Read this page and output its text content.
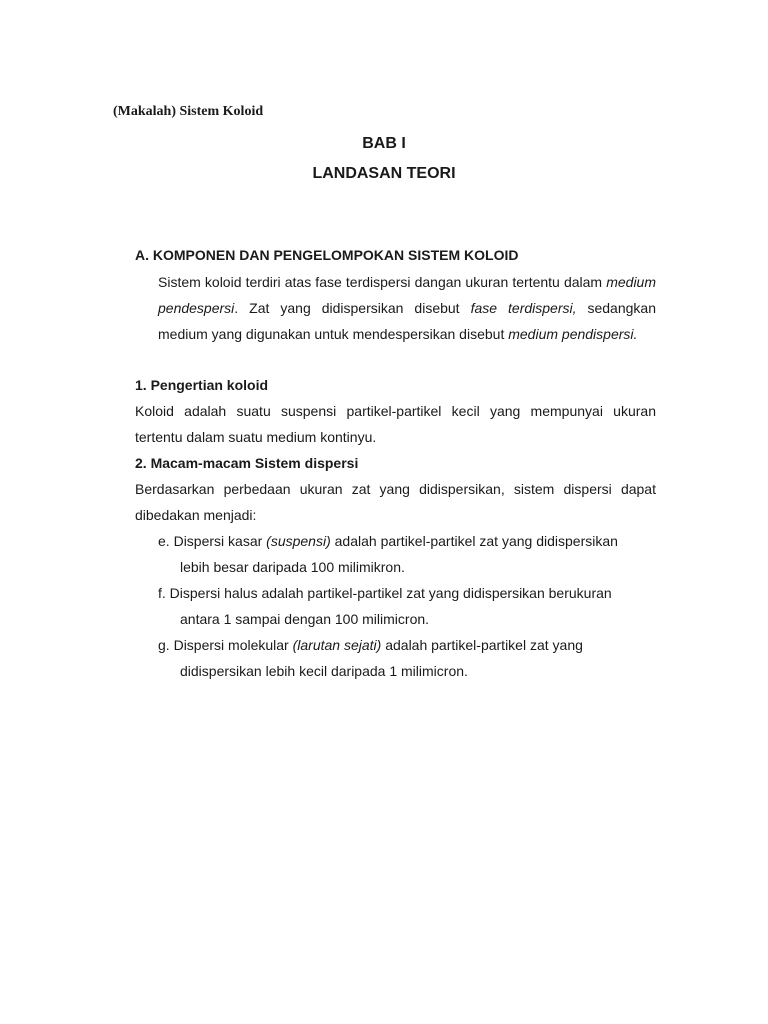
(Makalah) Sistem Koloid
BAB I
LANDASAN TEORI
A. KOMPONEN DAN PENGELOMPOKAN SISTEM KOLOID
Sistem koloid terdiri atas fase terdispersi dangan ukuran tertentu dalam medium pendespersi. Zat yang didispersikan disebut fase terdispersi, sedangkan medium yang digunakan untuk mendespersikan disebut medium pendispersi.
1. Pengertian koloid
Koloid adalah suatu suspensi partikel-partikel kecil yang mempunyai ukuran tertentu dalam suatu medium kontinyu.
2. Macam-macam Sistem dispersi
Berdasarkan perbedaan ukuran zat yang didispersikan, sistem dispersi dapat dibedakan menjadi:
e. Dispersi kasar (suspensi) adalah partikel-partikel zat yang didispersikan
lebih besar daripada 100 milimikron.
f. Dispersi halus adalah partikel-partikel zat yang didispersikan berukuran
antara 1 sampai dengan 100 milimicron.
g. Dispersi molekular (larutan sejati) adalah partikel-partikel zat yang
didispersikan lebih kecil daripada 1 milimicron.
